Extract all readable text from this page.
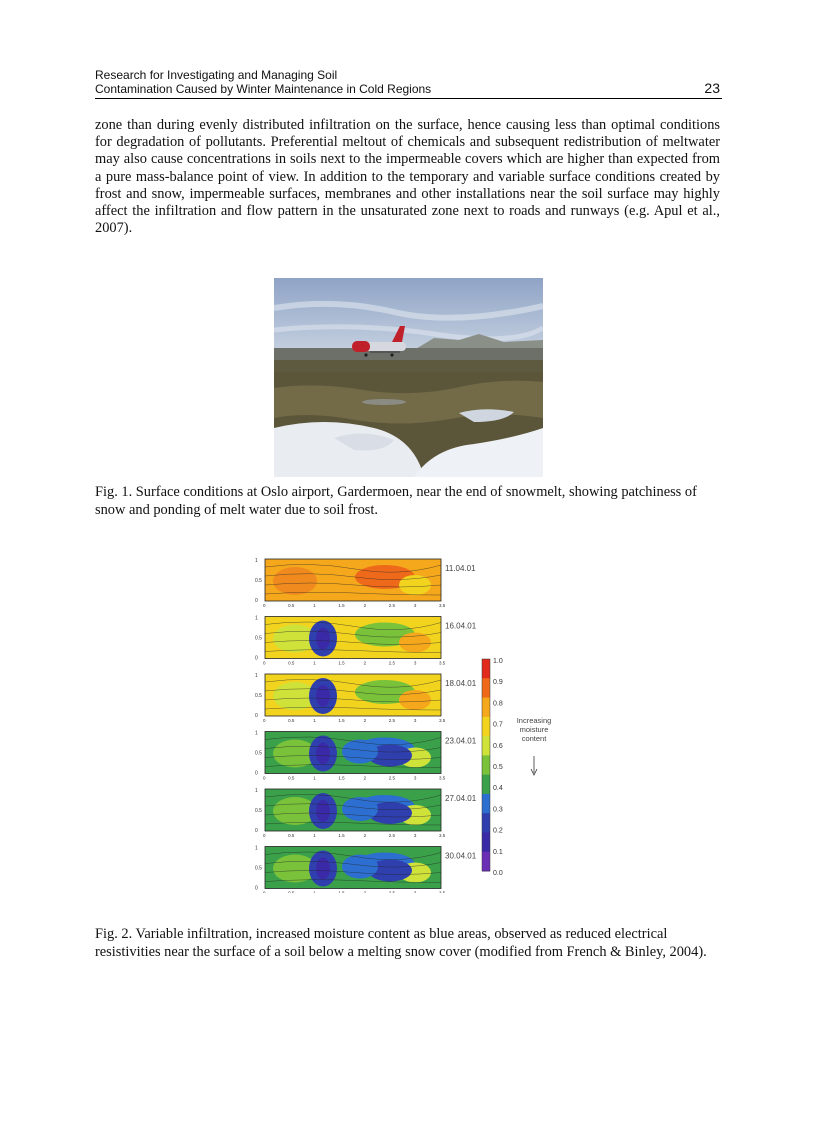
Research for Investigating and Managing Soil
Contamination Caused by Winter Maintenance in Cold Regions	23

zone than during evenly distributed infiltration on the surface, hence causing less than optimal conditions for degradation of pollutants. Preferential meltout of chemicals and subsequent redistribution of meltwater may also cause concentrations in soils next to the impermeable covers which are higher than expected from a pure mass-balance point of view. In addition to the temporary and variable surface conditions created by frost and snow, impermeable surfaces, membranes and other installations near the soil surface may highly affect the infiltration and flow pattern in the unsaturated zone next to roads and runways (e.g. Apul et al., 2007).

Fig. 1. Surface conditions at Oslo airport, Gardermoen, near the end of snowmelt, showing patchiness of snow and ponding of melt water due to soil frost.

11.04.01
1
0.5
0
0	0.5	1	1.5	2	2.5	3	3.5
16.04.01
1
0.5
0
0	0.5	1	1.5	2	2.5	3	3.5
18.04.01
1
0.5
0
0	0.5	1	1.5	2	2.5	3	3.5
23.04.01
1
0.5
0
0	0.5	1	1.5	2	2.5	3	3.5
27.04.01
1
0.5
0
0	0.5	1	1.5	2	2.5	3	3.5
30.04.01
1
0.5
0
0	0.5	1	1.5	2	2.5	3	3.5
1.0
0.9
0.8
0.7
0.6
0.5
0.4
0.3
0.2
0.1
0.0
Increasing
moisture
content

Fig. 2. Variable infiltration, increased moisture content as blue areas, observed as reduced electrical resistivities near the surface of a soil below a melting snow cover (modified from French & Binley, 2004).
